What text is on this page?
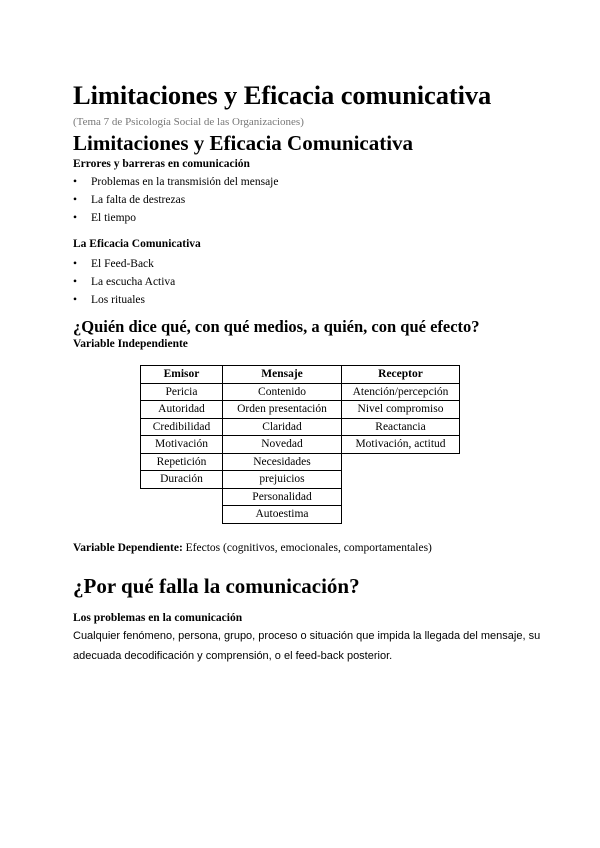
Limitaciones y Eficacia comunicativa
(Tema 7 de Psicología Social de las Organizaciones)
Limitaciones y Eficacia Comunicativa
Errores y barreras en comunicación
• Problemas en la transmisión del mensaje
• La falta de destrezas
• El tiempo
La Eficacia Comunicativa
• El Feed-Back
• La escucha Activa
• Los rituales
¿Quién dice qué, con qué medios, a quién, con qué efecto?
Variable Independiente
Emisor	Mensaje	Receptor
Pericia	Contenido	Atención/percepción
Autoridad	Orden presentación	Nivel compromiso
Credibilidad	Claridad	Reactancia
Motivación	Novedad	Motivación, actitud
Repetición	Necesidades	
Duración	prejuicios	
	Personalidad	
	Autoestima	
Variable Dependiente: Efectos (cognitivos, emocionales, comportamentales)
¿Por qué falla la comunicación?
Los problemas en la comunicación
Cualquier fenómeno, persona, grupo, proceso o situación que impida la llegada del mensaje, su adecuada decodificación y comprensión, o el feed-back posterior.
